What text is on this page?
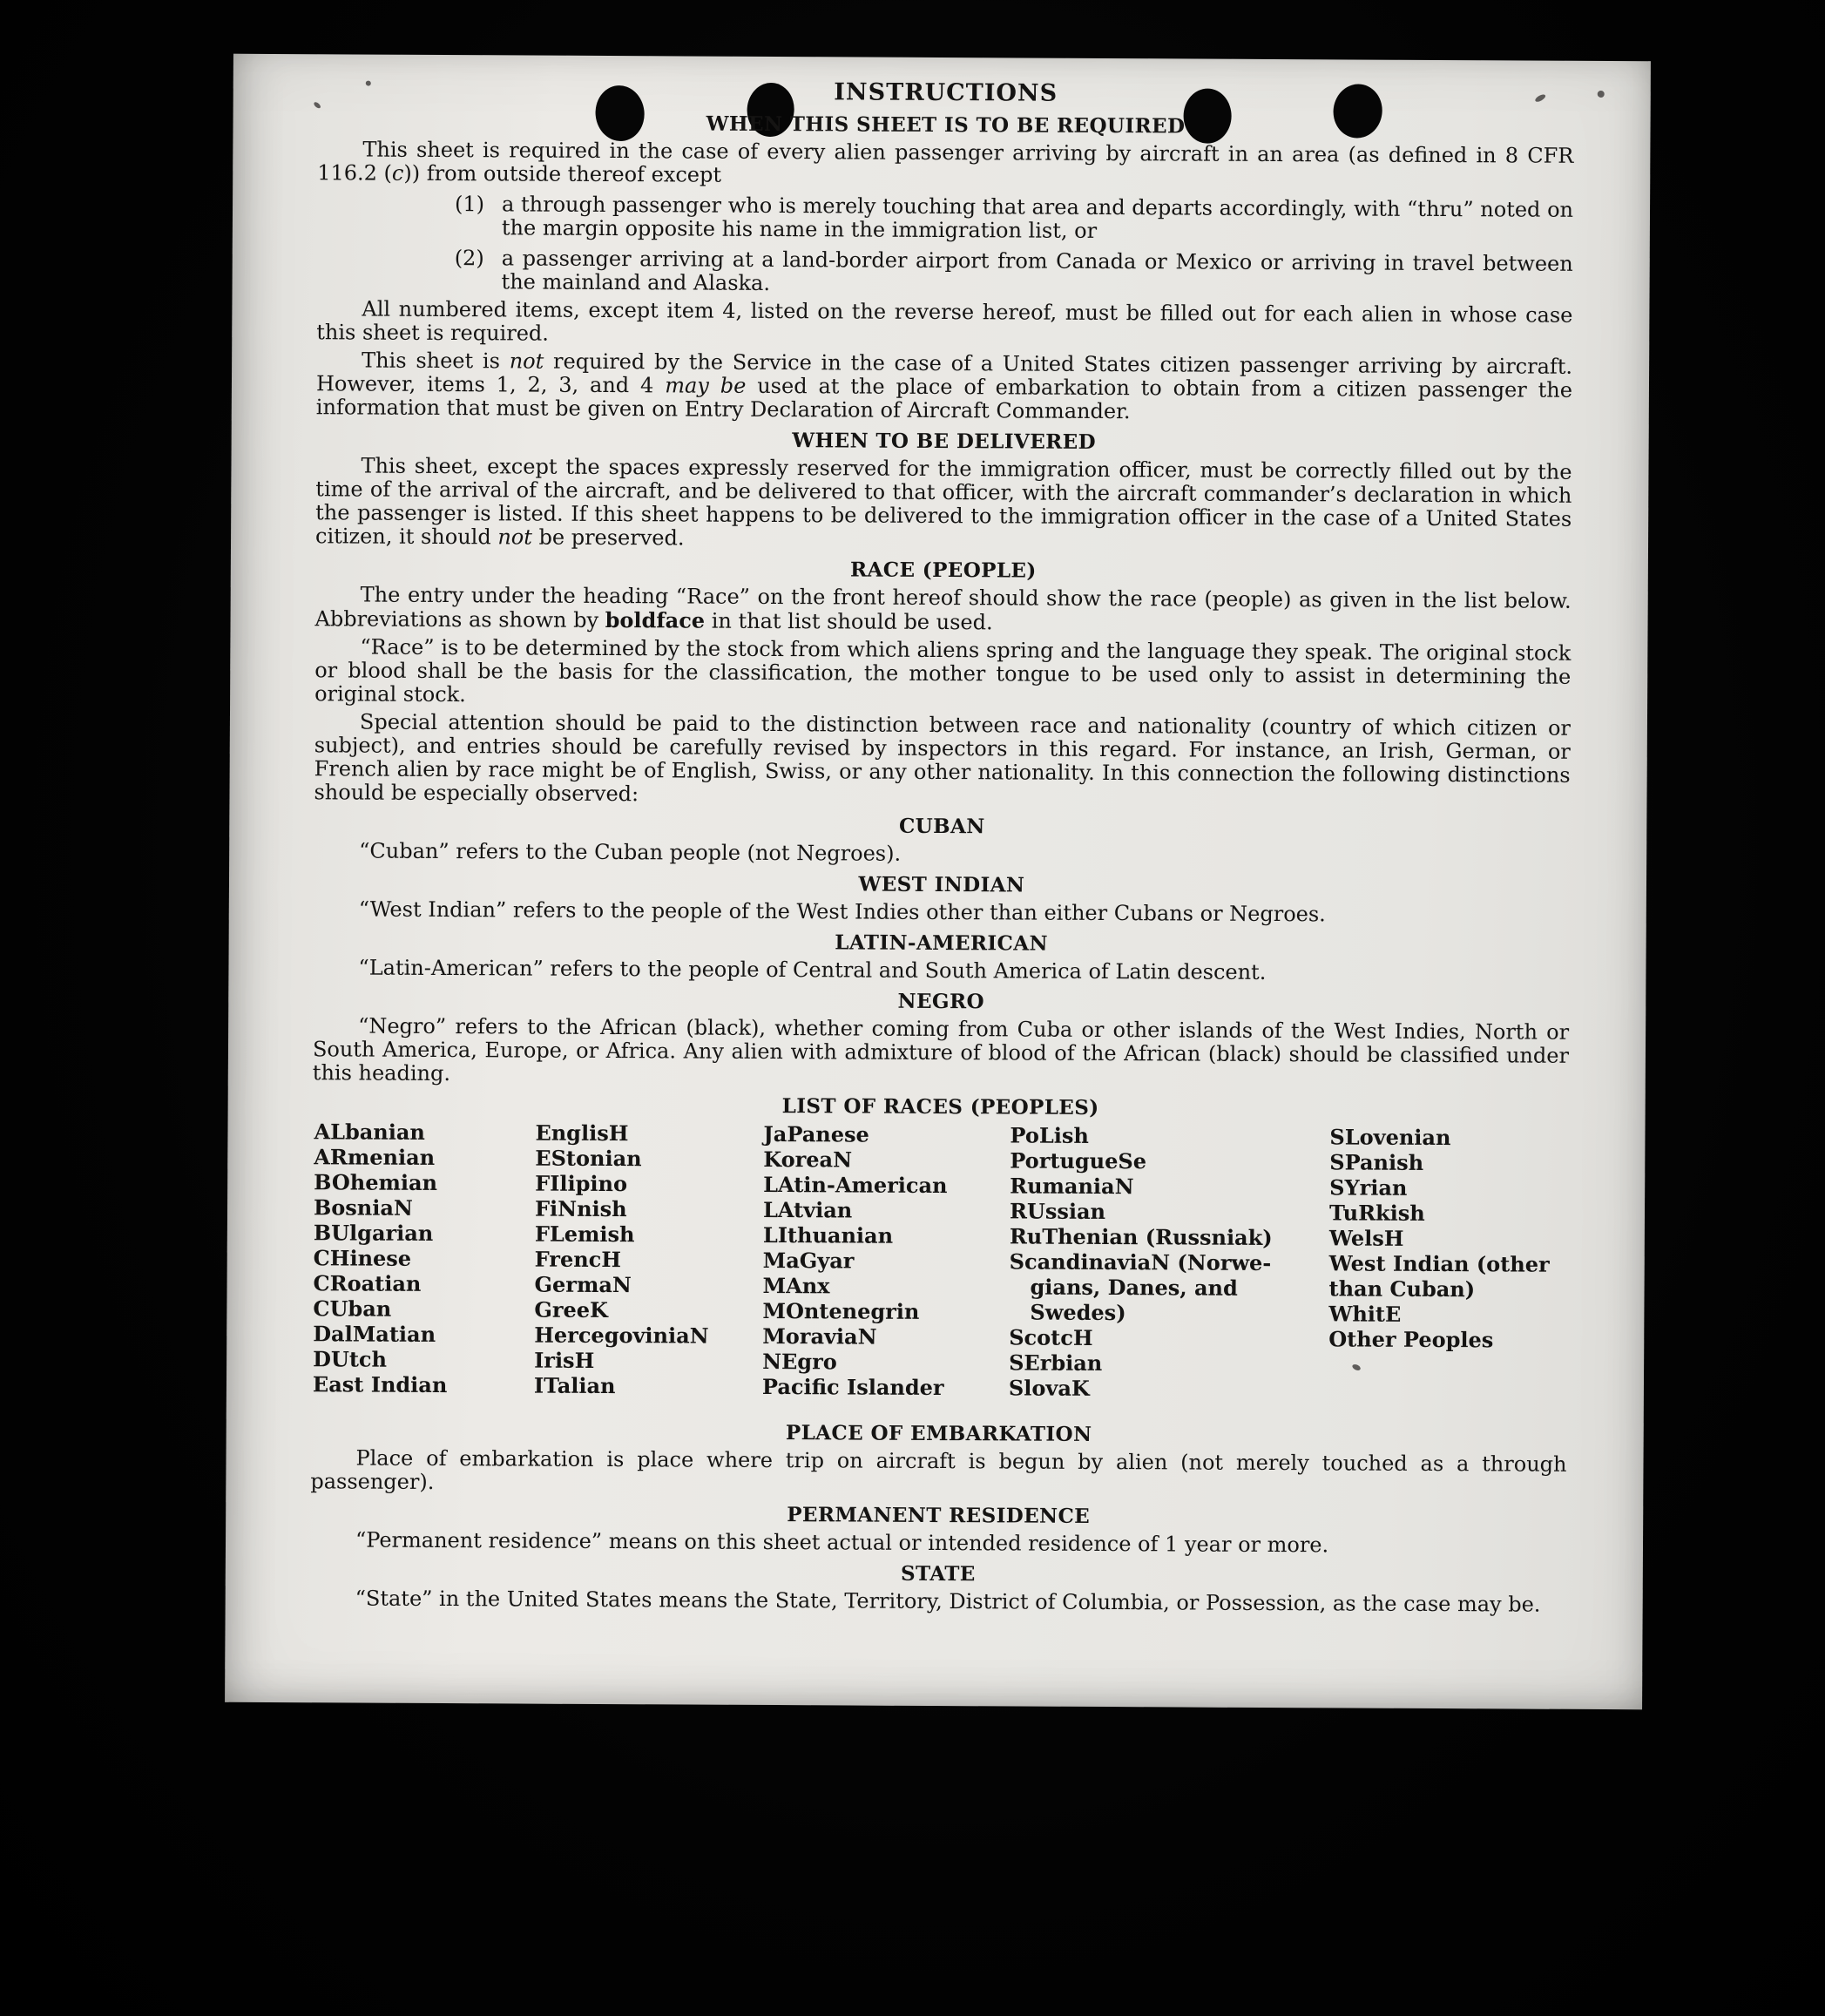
INSTRUCTIONS
WHEN THIS SHEET IS TO BE REQUIRED

This sheet is required in the case of every alien passenger arriving by aircraft in an area (as defined in 8 CFR 116.2 (c)) from outside thereof except

(1) a through passenger who is merely touching that area and departs accordingly, with “thru” noted on the margin opposite his name in the immigration list, or
(2) a passenger arriving at a land-border airport from Canada or Mexico or arriving in travel between the mainland and Alaska.

All numbered items, except item 4, listed on the reverse hereof, must be filled out for each alien in whose case this sheet is required.

This sheet is not required by the Service in the case of a United States citizen passenger arriving by aircraft. However, items 1, 2, 3, and 4 may be used at the place of embarkation to obtain from a citizen passenger the information that must be given on Entry Declaration of Aircraft Commander.

WHEN TO BE DELIVERED

This sheet, except the spaces expressly reserved for the immigration officer, must be correctly filled out by the time of the arrival of the aircraft, and be delivered to that officer, with the aircraft commander’s declaration in which the passenger is listed. If this sheet happens to be delivered to the immigration officer in the case of a United States citizen, it should not be preserved.

RACE (PEOPLE)

The entry under the heading “Race” on the front hereof should show the race (people) as given in the list below. Abbreviations as shown by boldface in that list should be used.

“Race” is to be determined by the stock from which aliens spring and the language they speak. The original stock or blood shall be the basis for the classification, the mother tongue to be used only to assist in determining the original stock.

Special attention should be paid to the distinction between race and nationality (country of which citizen or subject), and entries should be carefully revised by inspectors in this regard. For instance, an Irish, German, or French alien by race might be of English, Swiss, or any other nationality. In this connection the following distinctions should be especially observed:

CUBAN

“Cuban” refers to the Cuban people (not Negroes).

WEST INDIAN

“West Indian” refers to the people of the West Indies other than either Cubans or Negroes.

LATIN-AMERICAN

“Latin-American” refers to the people of Central and South America of Latin descent.

NEGRO

“Negro” refers to the African (black), whether coming from Cuba or other islands of the West Indies, North or South America, Europe, or Africa. Any alien with admixture of blood of the African (black) should be classified under this heading.

LIST OF RACES (PEOPLES)
ALbanian
ARmenian
BOhemian
BosniaN
BUlgarian
CHinese
CRoatian
CUban
DalMatian
DUtch
East Indian
EnglisH
EStonian
FIlipino
FiNnish
FLemish
FrencH
GermaN
GreeK
HercegoviniaN
IrisH
ITalian
JaPanese
KoreaN
LAtin-American
LAtvian
LIthuanian
MaGyar
MAnx
MOntenegrin
MoraviaN
NEgro
Pacific Islander
PoLish
PortugueSe
RumaniaN
RUssian
RuThenian (Russniak)
ScandinaviaN (Norwe-
 gians, Danes, and
 Swedes)
ScotcH
SErbian
SlovaK
SLovenian
SPanish
SYrian
TuRkish
WelsH
West Indian (other
than Cuban)
WhitE
Other Peoples
PLACE OF EMBARKATION

Place of embarkation is place where trip on aircraft is begun by alien (not merely touched as a through passenger).

PERMANENT RESIDENCE

“Permanent residence” means on this sheet actual or intended residence of 1 year or more.

STATE

“State” in the United States means the State, Territory, District of Columbia, or Possession, as the case may be.
